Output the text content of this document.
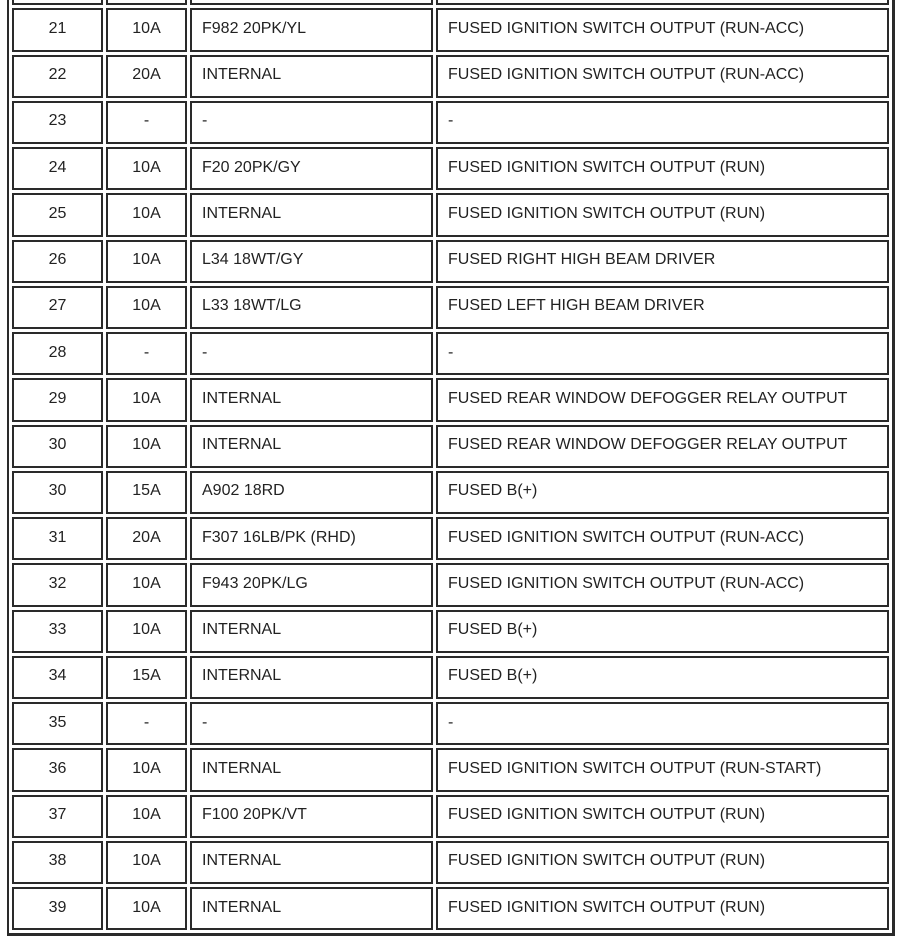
21	10A	F982 20PK/YL	FUSED IGNITION SWITCH OUTPUT (RUN-ACC)
22	20A	INTERNAL	FUSED IGNITION SWITCH OUTPUT (RUN-ACC)
23	-	-	-
24	10A	F20 20PK/GY	FUSED IGNITION SWITCH OUTPUT (RUN)
25	10A	INTERNAL	FUSED IGNITION SWITCH OUTPUT (RUN)
26	10A	L34 18WT/GY	FUSED RIGHT HIGH BEAM DRIVER
27	10A	L33 18WT/LG	FUSED LEFT HIGH BEAM DRIVER
28	-	-	-
29	10A	INTERNAL	FUSED REAR WINDOW DEFOGGER RELAY OUTPUT
30	10A	INTERNAL	FUSED REAR WINDOW DEFOGGER RELAY OUTPUT
30	15A	A902 18RD	FUSED B(+)
31	20A	F307 16LB/PK (RHD)	FUSED IGNITION SWITCH OUTPUT (RUN-ACC)
32	10A	F943 20PK/LG	FUSED IGNITION SWITCH OUTPUT (RUN-ACC)
33	10A	INTERNAL	FUSED B(+)
34	15A	INTERNAL	FUSED B(+)
35	-	-	-
36	10A	INTERNAL	FUSED IGNITION SWITCH OUTPUT (RUN-START)
37	10A	F100 20PK/VT	FUSED IGNITION SWITCH OUTPUT (RUN)
38	10A	INTERNAL	FUSED IGNITION SWITCH OUTPUT (RUN)
39	10A	INTERNAL	FUSED IGNITION SWITCH OUTPUT (RUN)
